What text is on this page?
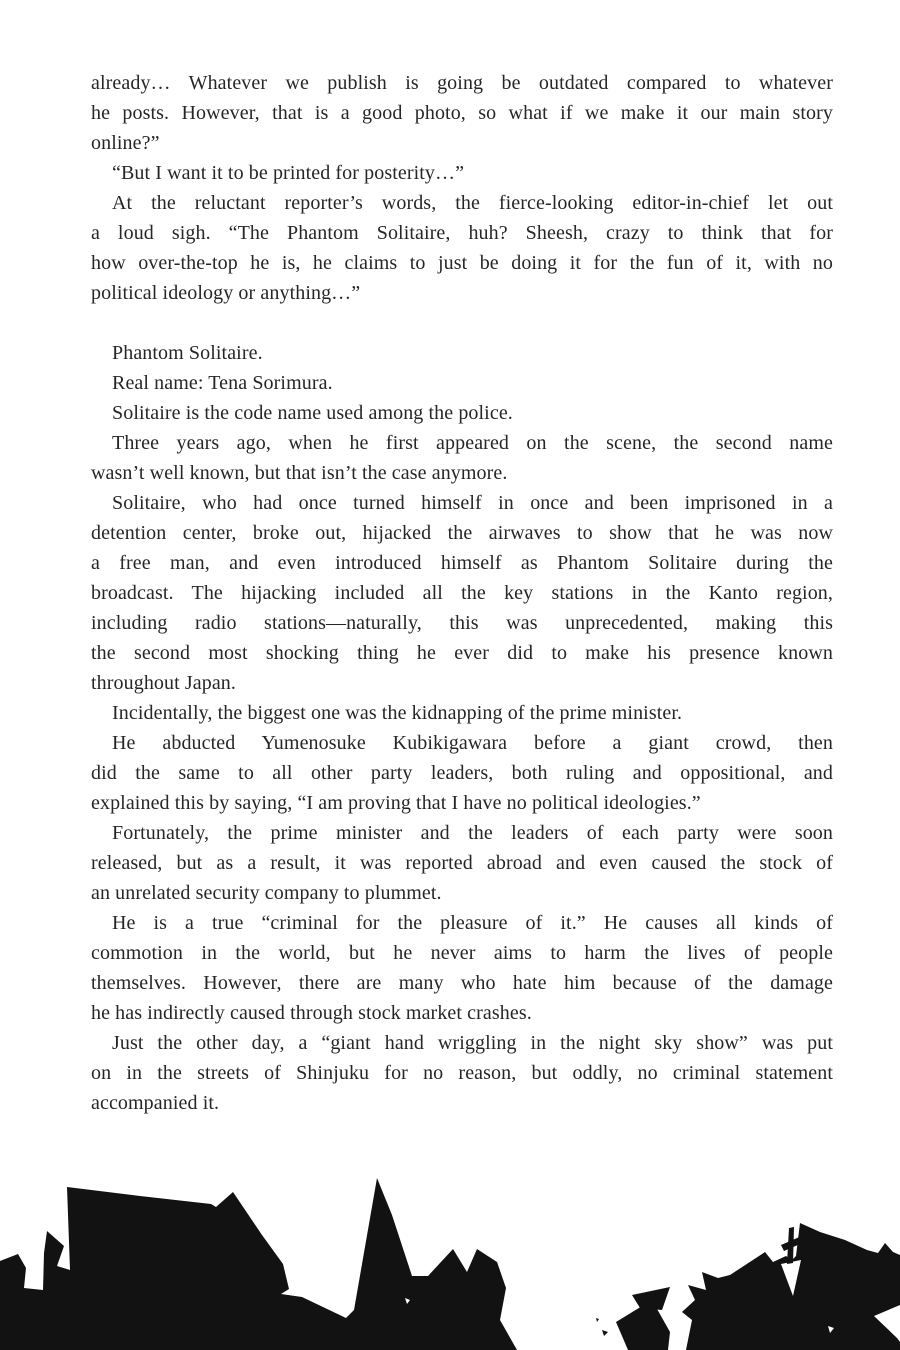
already… Whatever we publish is going be outdated compared to whatever
he posts. However, that is a good photo, so what if we make it our main story
online?”
“But I want it to be printed for posterity…”
At the reluctant reporter’s words, the fierce-looking editor-in-chief let out
a loud sigh. “The Phantom Solitaire, huh? Sheesh, crazy to think that for
how over-the-top he is, he claims to just be doing it for the fun of it, with no
political ideology or anything…”
Phantom Solitaire.
Real name: Tena Sorimura.
Solitaire is the code name used among the police.
Three years ago, when he first appeared on the scene, the second name
wasn’t well known, but that isn’t the case anymore.
Solitaire, who had once turned himself in once and been imprisoned in a
detention center, broke out, hijacked the airwaves to show that he was now
a free man, and even introduced himself as Phantom Solitaire during the
broadcast. The hijacking included all the key stations in the Kanto region,
including radio stations—naturally, this was unprecedented, making this
the second most shocking thing he ever did to make his presence known
throughout Japan.
Incidentally, the biggest one was the kidnapping of the prime minister.
He abducted Yumenosuke Kubikigawara before a giant crowd, then
did the same to all other party leaders, both ruling and oppositional, and
explained this by saying, “I am proving that I have no political ideologies.”
Fortunately, the prime minister and the leaders of each party were soon
released, but as a result, it was reported abroad and even caused the stock of
an unrelated security company to plummet.
He is a true “criminal for the pleasure of it.” He causes all kinds of
commotion in the world, but he never aims to harm the lives of people
themselves. However, there are many who hate him because of the damage
he has indirectly caused through stock market crashes.
Just the other day, a “giant hand wriggling in the night sky show” was put
on in the streets of Shinjuku for no reason, but oddly, no criminal statement
accompanied it.
